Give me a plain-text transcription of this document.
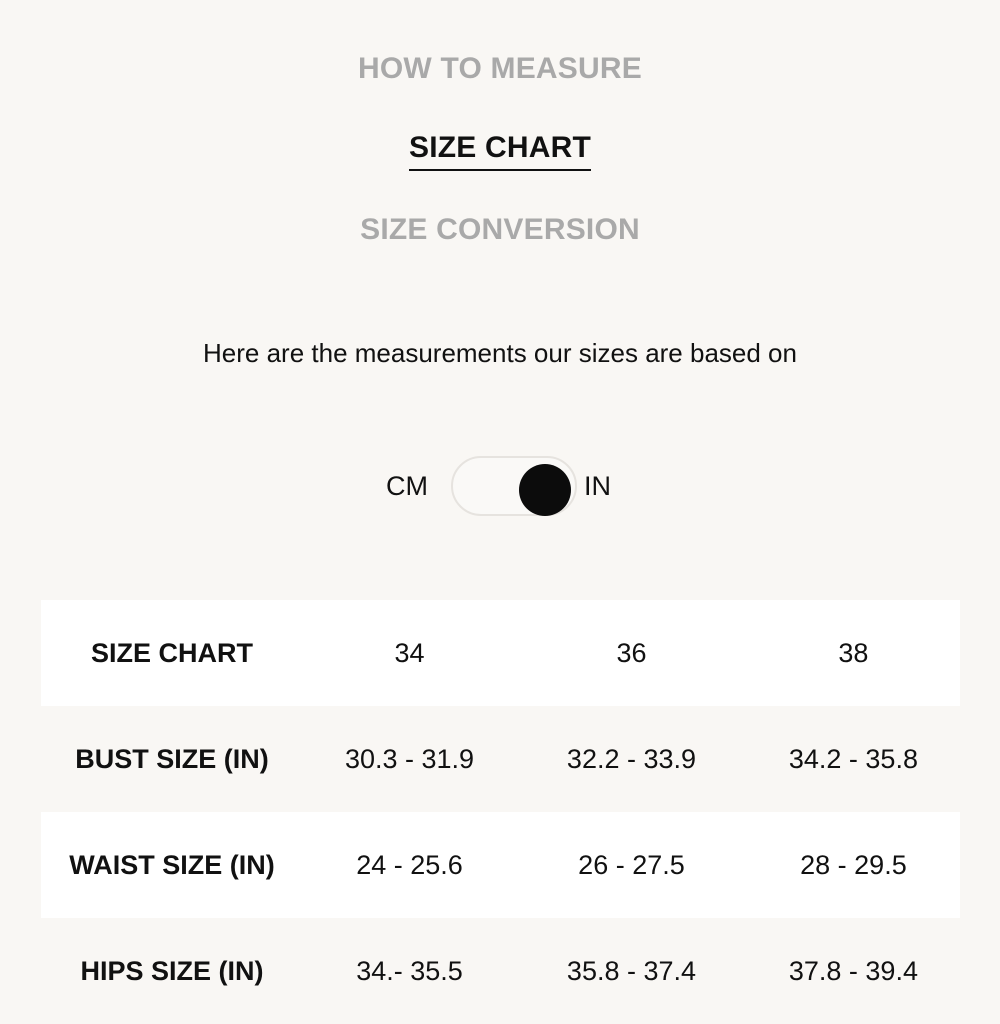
HOW TO MEASURE
SIZE CHART
SIZE CONVERSION

Here are the measurements our sizes are based on

CM	IN
SIZE CHART	34	36	38
BUST SIZE (IN)	30.3 - 31.9	32.2 - 33.9	34.2 - 35.8
WAIST SIZE (IN)	24 - 25.6	26 - 27.5	28 - 29.5
HIPS SIZE (IN)	34.- 35.5	35.8 - 37.4	37.8 - 39.4
